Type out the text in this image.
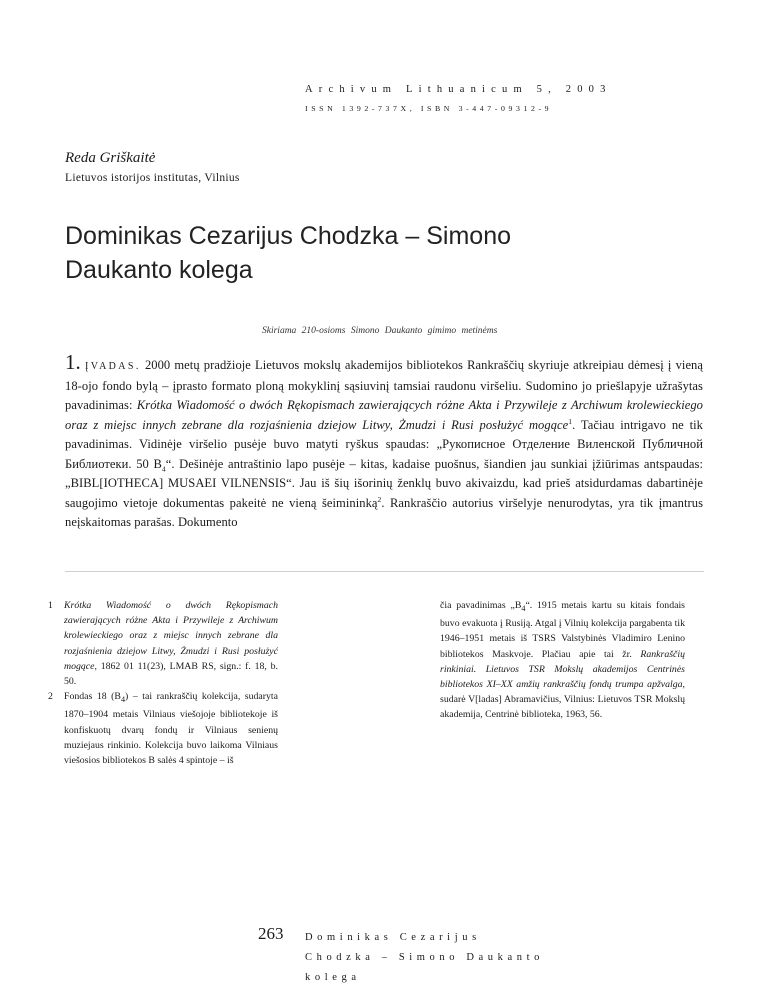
Archivum Lithuanicum 5, 2003
ISSN 1392-737X, ISBN 3-447-09312-9
Reda Griškaitė
Lietuvos istorijos institutas, Vilnius
Dominikas Cezarijus Chodzka – Simono Daukanto kolega
Skiriama 210-osioms Simono Daukanto gimimo metinėms

1. ĮVADAS. 2000 metų pradžioje Lietuvos mokslų akademijos bibliotekos Rankraščių skyriuje atkreipiau dėmesį į vieną 18-ojo fondo bylą – įprasto formato ploną mokyklinį sąsiuvinį tamsiai raudonu viršeliu. Sudomino jo priešlapyje užrašytas pavadinimas: Krótka Wiadomość o dwóch Rękopismach zawierających różne Akta i Przywileje z Archiwum krolewieckiego oraz z miejsc innych zebrane dla rozjaśnienia dziejow Litwy, Żmudzi i Rusi posłużyć mogące$^1$. Tačiau intrigavo ne tik pavadinimas. Vidinėje viršelio pusėje buvo matyti ryškus spaudas: „Рукописное Отделение Виленской Публичной Библиотеки. 50 $B_4“$. Dešinėje antraštinio lapo pusėje – kitas, kadaise puošnus, šiandien jau sunkiai įžiūrimas antspaudas: „BIBL[IOTHECA] MUSAEI VILNENSIS“. Jau iš šių išorinių ženklų buvo akivaizdu, kad prieš atsidurdamas dabartinėje saugojimo vietoje dokumentas pakeitė ne vieną šeimininką$^2$. Rankraščio autorius viršelyje nenurodytas, yra tik įmantrus neįskaitomas parašas. Dokumento

1 Krótka Wiadomość o dwóch Rękopismach zawierających różne Akta i Przywileje z Archiwum krolewieckiego oraz z miejsc innych zebrane dla rozjaśnienia dziejow Litwy, Żmudzi i Rusi posłużyć mogące, 1862 01 11(23), LMAB RS, sign.: f. 18, b. 50.

2 Fondas 18 $(B_4)$ – tai rankraščių kolekcija, sudaryta 1870–1904 metais Vilniaus viešojoje bibliotekoje iš konfiskuotų dvarų fondų ir Vilniaus senienų muziejaus rinkinio. Kolekcija buvo laikoma Vilniaus viešosios bibliotekos B salės 4 spintoje – iš

čia pavadinimas $„B_4“$. 1915 metais kartu su kitais fondais buvo evakuota į Rusiją. Atgal į Vilnių kolekcija pargabenta tik 1946–1951 metais iš TSRS Valstybinės Vladimiro Lenino bibliotekos Maskvoje. Plačiau apie tai žr. Rankraščių rinkiniai. Lietuvos TSR Mokslų akademijos Centrinės bibliotekos XI–XX amžių rankraščių fondų trumpa apžvalga, sudarė V[ladas] Abramavičius, Vilnius: Lietuvos TSR Mokslų akademija, Centrinė biblioteka, 1963, 56.
263 Dominikas Cezarijus Chodzka – Simono Daukanto kolega
